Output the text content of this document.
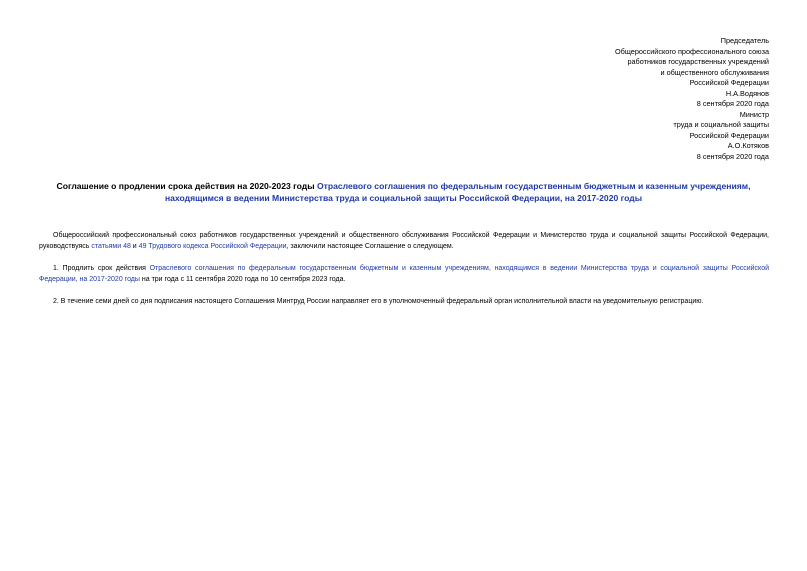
Председатель
Общероссийского профессионального союза
работников государственных учреждений
и общественного обслуживания
Российской Федерации
Н.А.Водянов
8 сентября 2020 года
Министр
труда и социальной защиты
Российской Федерации
А.О.Котяков
8 сентября 2020 года
Соглашение о продлении срока действия на 2020-2023 годы Отраслевого соглашения по федеральным государственным бюджетным и казенным учреждениям, находящимся в ведении Министерства труда и социальной защиты Российской Федерации, на 2017-2020 годы

Общероссийский профессиональный союз работников государственных учреждений и общественного обслуживания Российской Федерации и Министерство труда и социальной защиты Российской Федерации, руководствуясь статьями 48 и 49 Трудового кодекса Российской Федерации, заключили настоящее Соглашение о следующем.

1. Продлить срок действия Отраслевого соглашения по федеральным государственным бюджетным и казенным учреждениям, находящимся в ведении Министерства труда и социальной защиты Российской Федерации, на 2017-2020 годы на три года с 11 сентября 2020 года по 10 сентября 2023 года.

2. В течение семи дней со дня подписания настоящего Соглашения Минтруд России направляет его в уполномоченный федеральный орган исполнительной власти на уведомительную регистрацию.
